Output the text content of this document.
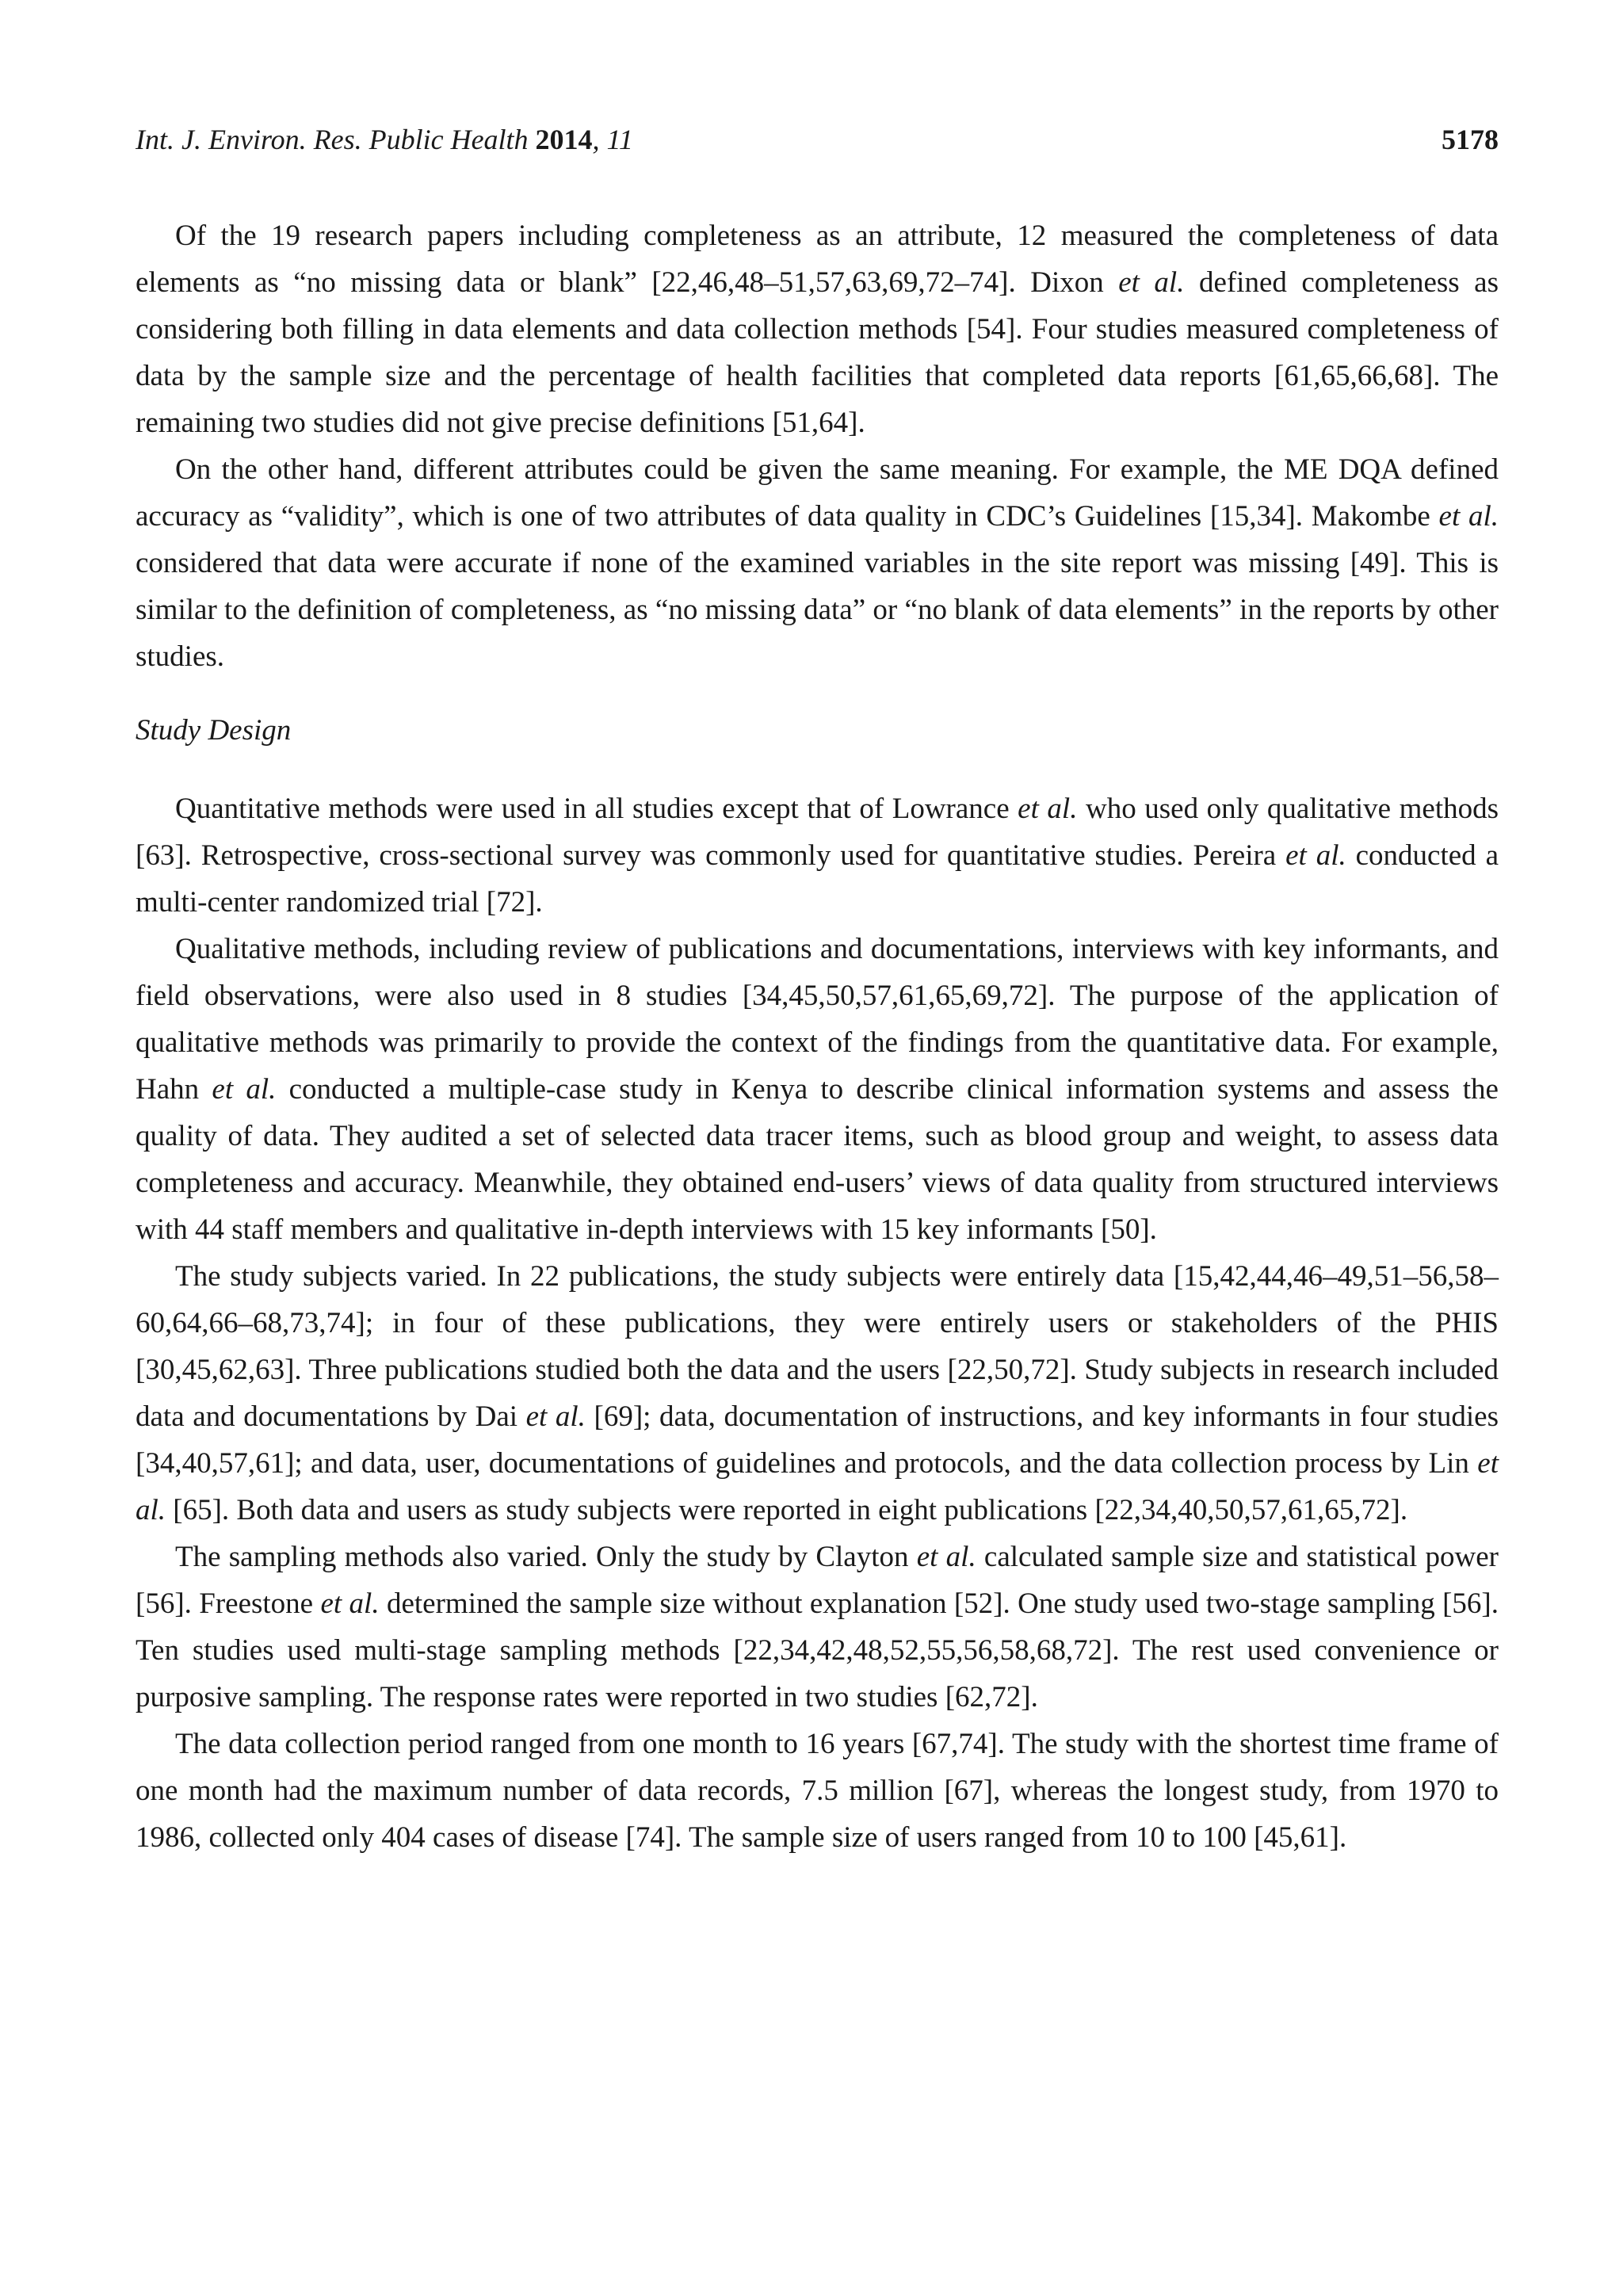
Int. J. Environ. Res. Public Health 2014, 11	5178

Of the 19 research papers including completeness as an attribute, 12 measured the completeness of data elements as “no missing data or blank” [22,46,48–51,57,63,69,72–74]. Dixon et al. defined completeness as considering both filling in data elements and data collection methods [54]. Four studies measured completeness of data by the sample size and the percentage of health facilities that completed data reports [61,65,66,68]. The remaining two studies did not give precise definitions [51,64].

On the other hand, different attributes could be given the same meaning. For example, the ME DQA defined accuracy as “validity”, which is one of two attributes of data quality in CDC’s Guidelines [15,34]. Makombe et al. considered that data were accurate if none of the examined variables in the site report was missing [49]. This is similar to the definition of completeness, as “no missing data” or “no blank of data elements” in the reports by other studies.

Study Design

Quantitative methods were used in all studies except that of Lowrance et al. who used only qualitative methods [63]. Retrospective, cross-sectional survey was commonly used for quantitative studies. Pereira et al. conducted a multi-center randomized trial [72].

Qualitative methods, including review of publications and documentations, interviews with key informants, and field observations, were also used in 8 studies [34,45,50,57,61,65,69,72]. The purpose of the application of qualitative methods was primarily to provide the context of the findings from the quantitative data. For example, Hahn et al. conducted a multiple-case study in Kenya to describe clinical information systems and assess the quality of data. They audited a set of selected data tracer items, such as blood group and weight, to assess data completeness and accuracy. Meanwhile, they obtained end-users’ views of data quality from structured interviews with 44 staff members and qualitative in-depth interviews with 15 key informants [50].

The study subjects varied. In 22 publications, the study subjects were entirely data [15,42,44,46–49,51–56,58–60,64,66–68,73,74]; in four of these publications, they were entirely users or stakeholders of the PHIS [30,45,62,63]. Three publications studied both the data and the users [22,50,72]. Study subjects in research included data and documentations by Dai et al. [69]; data, documentation of instructions, and key informants in four studies [34,40,57,61]; and data, user, documentations of guidelines and protocols, and the data collection process by Lin et al. [65]. Both data and users as study subjects were reported in eight publications [22,34,40,50,57,61,65,72].

The sampling methods also varied. Only the study by Clayton et al. calculated sample size and statistical power [56]. Freestone et al. determined the sample size without explanation [52]. One study used two-stage sampling [56]. Ten studies used multi-stage sampling methods [22,34,42,48,52,55,56,58,68,72]. The rest used convenience or purposive sampling. The response rates were reported in two studies [62,72].

The data collection period ranged from one month to 16 years [67,74]. The study with the shortest time frame of one month had the maximum number of data records, 7.5 million [67], whereas the longest study, from 1970 to 1986, collected only 404 cases of disease [74]. The sample size of users ranged from 10 to 100 [45,61].
